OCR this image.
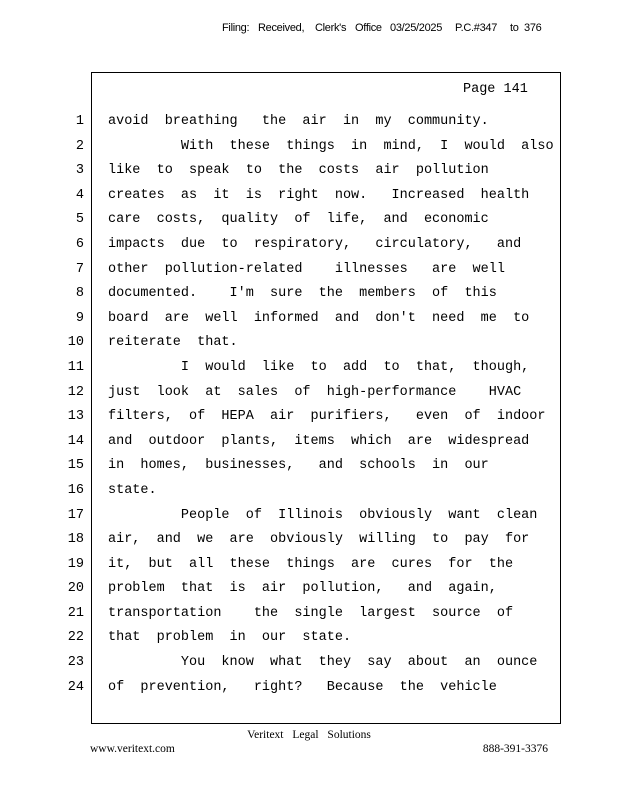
Filing: Received, Clerk's Office 03/25/2025 P.C.#347 to 376
Page 141
1
2
3
4
5
6
7
8
9
10
11
12
13
14
15
16
17
18
19
20
21
22
23
24
avoid  breathing   the  air  in  my  community.
With  these  things  in  mind,  I  would  also
like  to  speak  to  the  costs  air  pollution
creates  as  it  is  right  now.   Increased  health
care  costs,  quality  of  life,  and  economic
impacts  due  to  respiratory,   circulatory,   and
other  pollution-related    illnesses   are  well
documented.    I'm  sure  the  members  of  this
board  are  well  informed  and  don't  need  me  to
reiterate  that.
I  would  like  to  add  to  that,  though,
just  look  at  sales  of  high-performance    HVAC
filters,  of  HEPA  air  purifiers,   even  of  indoor
and  outdoor  plants,  items  which  are  widespread
in  homes,  businesses,   and  schools  in  our
state.
People  of  Illinois  obviously  want  clean
air,  and  we  are  obviously  willing  to  pay  for
it,  but  all  these  things  are  cures  for  the
problem  that  is  air  pollution,   and  again,
transportation    the  single  largest  source  of
that  problem  in  our  state.
You  know  what  they  say  about  an  ounce
of  prevention,   right?   Because  the  vehicle
Veritext Legal Solutions
www.veritext.com	888-391-3376
